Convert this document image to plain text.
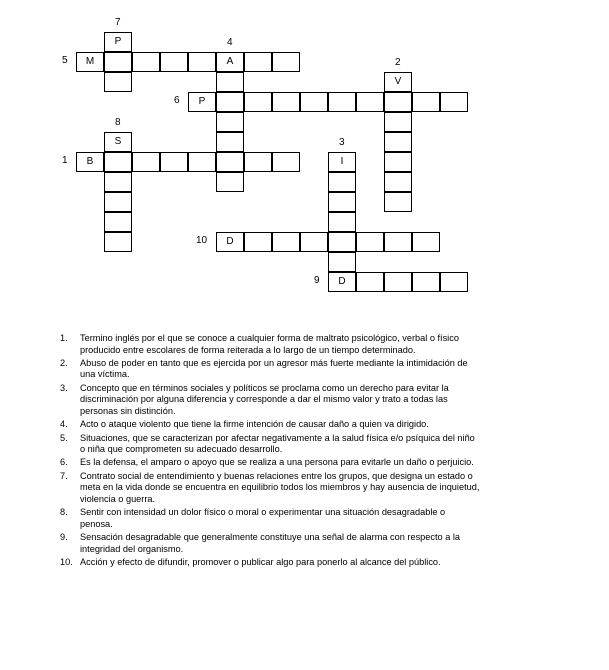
B
V
I
D
A
M
P
P
S
D
1
2
3
4
5
6
7
8
9
10
1. Termino inglés por el que se conoce a cualquier forma de maltrato psicológico, verbal o físico producido entre escolares de forma reiterada a lo largo de un tiempo determinado.
2. Abuso de poder en tanto que es ejercida por un agresor más fuerte mediante la intimidación de una víctima.
3. Concepto que en términos sociales y políticos se proclama como un derecho para evitar la discriminación por alguna diferencia y corresponde a dar el mismo valor y trato a todas las personas sin distinción.
4. Acto o ataque violento que tiene la firme intención de causar daño a quien va dirigido.
5. Situaciones, que se caracterizan por afectar negativamente a la salud física e/o psíquica del niño o niña que comprometen su adecuado desarrollo.
6. Es la defensa, el amparo o apoyo que se realiza a una persona para evitarle un daño o perjuicio.
7. Contrato social de entendimiento y buenas relaciones entre los grupos, que designa un estado o meta en la vida donde se encuentra en equilibrio todos los miembros y hay ausencia de inquietud, violencia o guerra.
8. Sentir con intensidad un dolor físico o moral o experimentar una situación desagradable o penosa.
9. Sensación desagradable que generalmente constituye una señal de alarma con respecto a la integridad del organismo.
10. Acción y efecto de difundir, promover o publicar algo para ponerlo al alcance del público.
